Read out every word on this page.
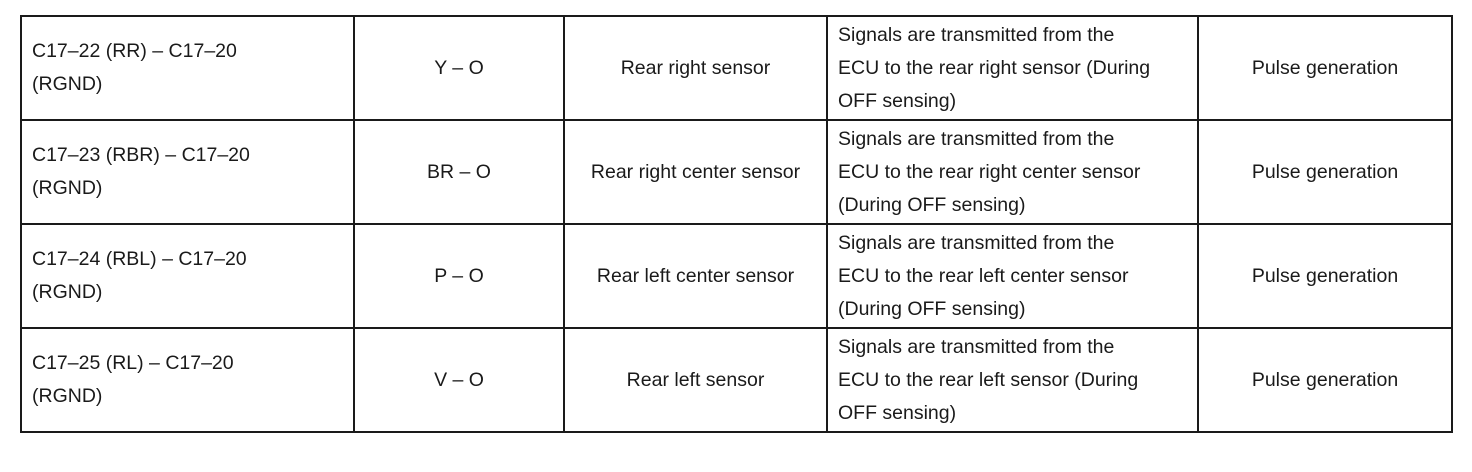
C17–22 (RR) – C17–20
(RGND)	Y – O	Rear right sensor	Signals are transmitted from the
ECU to the rear right sensor (During
OFF sensing)	Pulse generation

C17–23 (RBR) – C17–20
(RGND)	BR – O	Rear right center sensor	Signals are transmitted from the
ECU to the rear right center sensor
(During OFF sensing)	Pulse generation

C17–24 (RBL) – C17–20
(RGND)	P – O	Rear left center sensor	Signals are transmitted from the
ECU to the rear left center sensor
(During OFF sensing)	Pulse generation

C17–25 (RL) – C17–20
(RGND)	V – O	Rear left sensor	Signals are transmitted from the
ECU to the rear left sensor (During
OFF sensing)	Pulse generation
